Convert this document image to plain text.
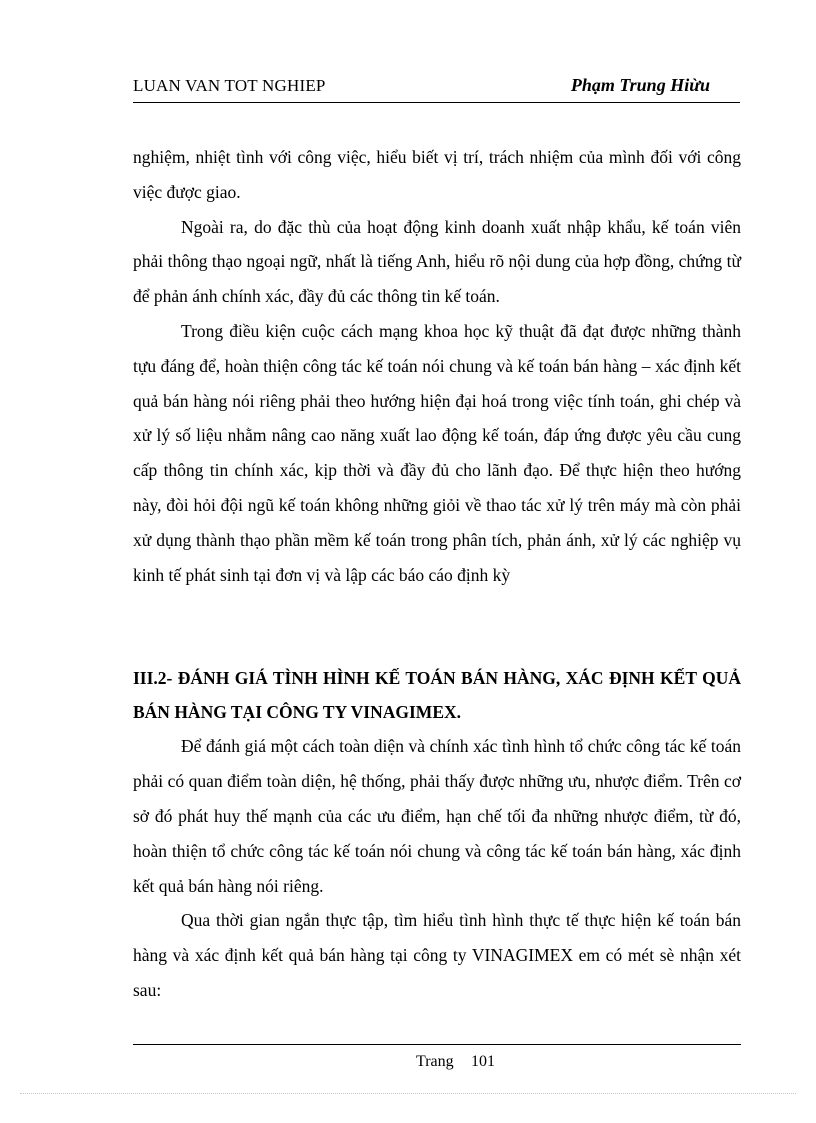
LUAN VAN TOT NGHIEP	Phạm Trung Hiừu

nghiệm, nhiệt tình với công việc, hiểu biết vị trí, trách nhiệm của mình đối với công việc được giao.

Ngoài ra, do đặc thù của hoạt động kinh doanh xuất nhập khẩu, kế toán viên phải thông thạo ngoại ngữ, nhất là tiếng Anh, hiểu rõ nội dung của hợp đồng, chứng từ để phản ánh chính xác, đầy đủ các thông tin kế toán.

Trong điều kiện cuộc cách mạng khoa học kỹ thuật đã đạt được những thành tựu đáng để, hoàn thiện công tác kế toán nói chung và kế toán bán hàng – xác định kết quả bán hàng nói riêng phải theo hướng hiện đại hoá trong việc tính toán, ghi chép và xử lý số liệu nhằm nâng cao năng xuất lao động kế toán, đáp ứng được yêu cầu cung cấp thông tin chính xác, kịp thời và đầy đủ cho lãnh đạo. Để thực hiện theo hướng này, đòi hỏi đội ngũ kế toán không những giỏi về thao tác xử lý trên máy mà còn phải xử dụng thành thạo phần mềm kế toán trong phân tích, phản ánh, xử lý các nghiệp vụ kinh tế phát sinh tại đơn vị và lập các báo cáo định kỳ

III.2- ĐÁNH GIÁ TÌNH HÌNH KẾ TOÁN BÁN HÀNG, XÁC ĐỊNH KẾT QUẢ BÁN HÀNG TẠI CÔNG TY VINAGIMEX.

Để đánh giá một cách toàn diện và chính xác tình hình tổ chức công tác kế toán phải có quan điểm toàn diện, hệ thống, phải thấy được những ưu, nhược điểm. Trên cơ sở đó phát huy thế mạnh của các ưu điểm, hạn chế tối đa những nhược điểm, từ đó, hoàn thiện tổ chức công tác kế toán nói chung và công tác kế toán bán hàng, xác định kết quả bán hàng nói riêng.

Qua thời gian ngắn thực tập, tìm hiểu tình hình thực tế thực hiện kế toán bán hàng và xác định kết quả bán hàng tại công ty VINAGIMEX em có mét sè nhận xét sau:

Trang 101
